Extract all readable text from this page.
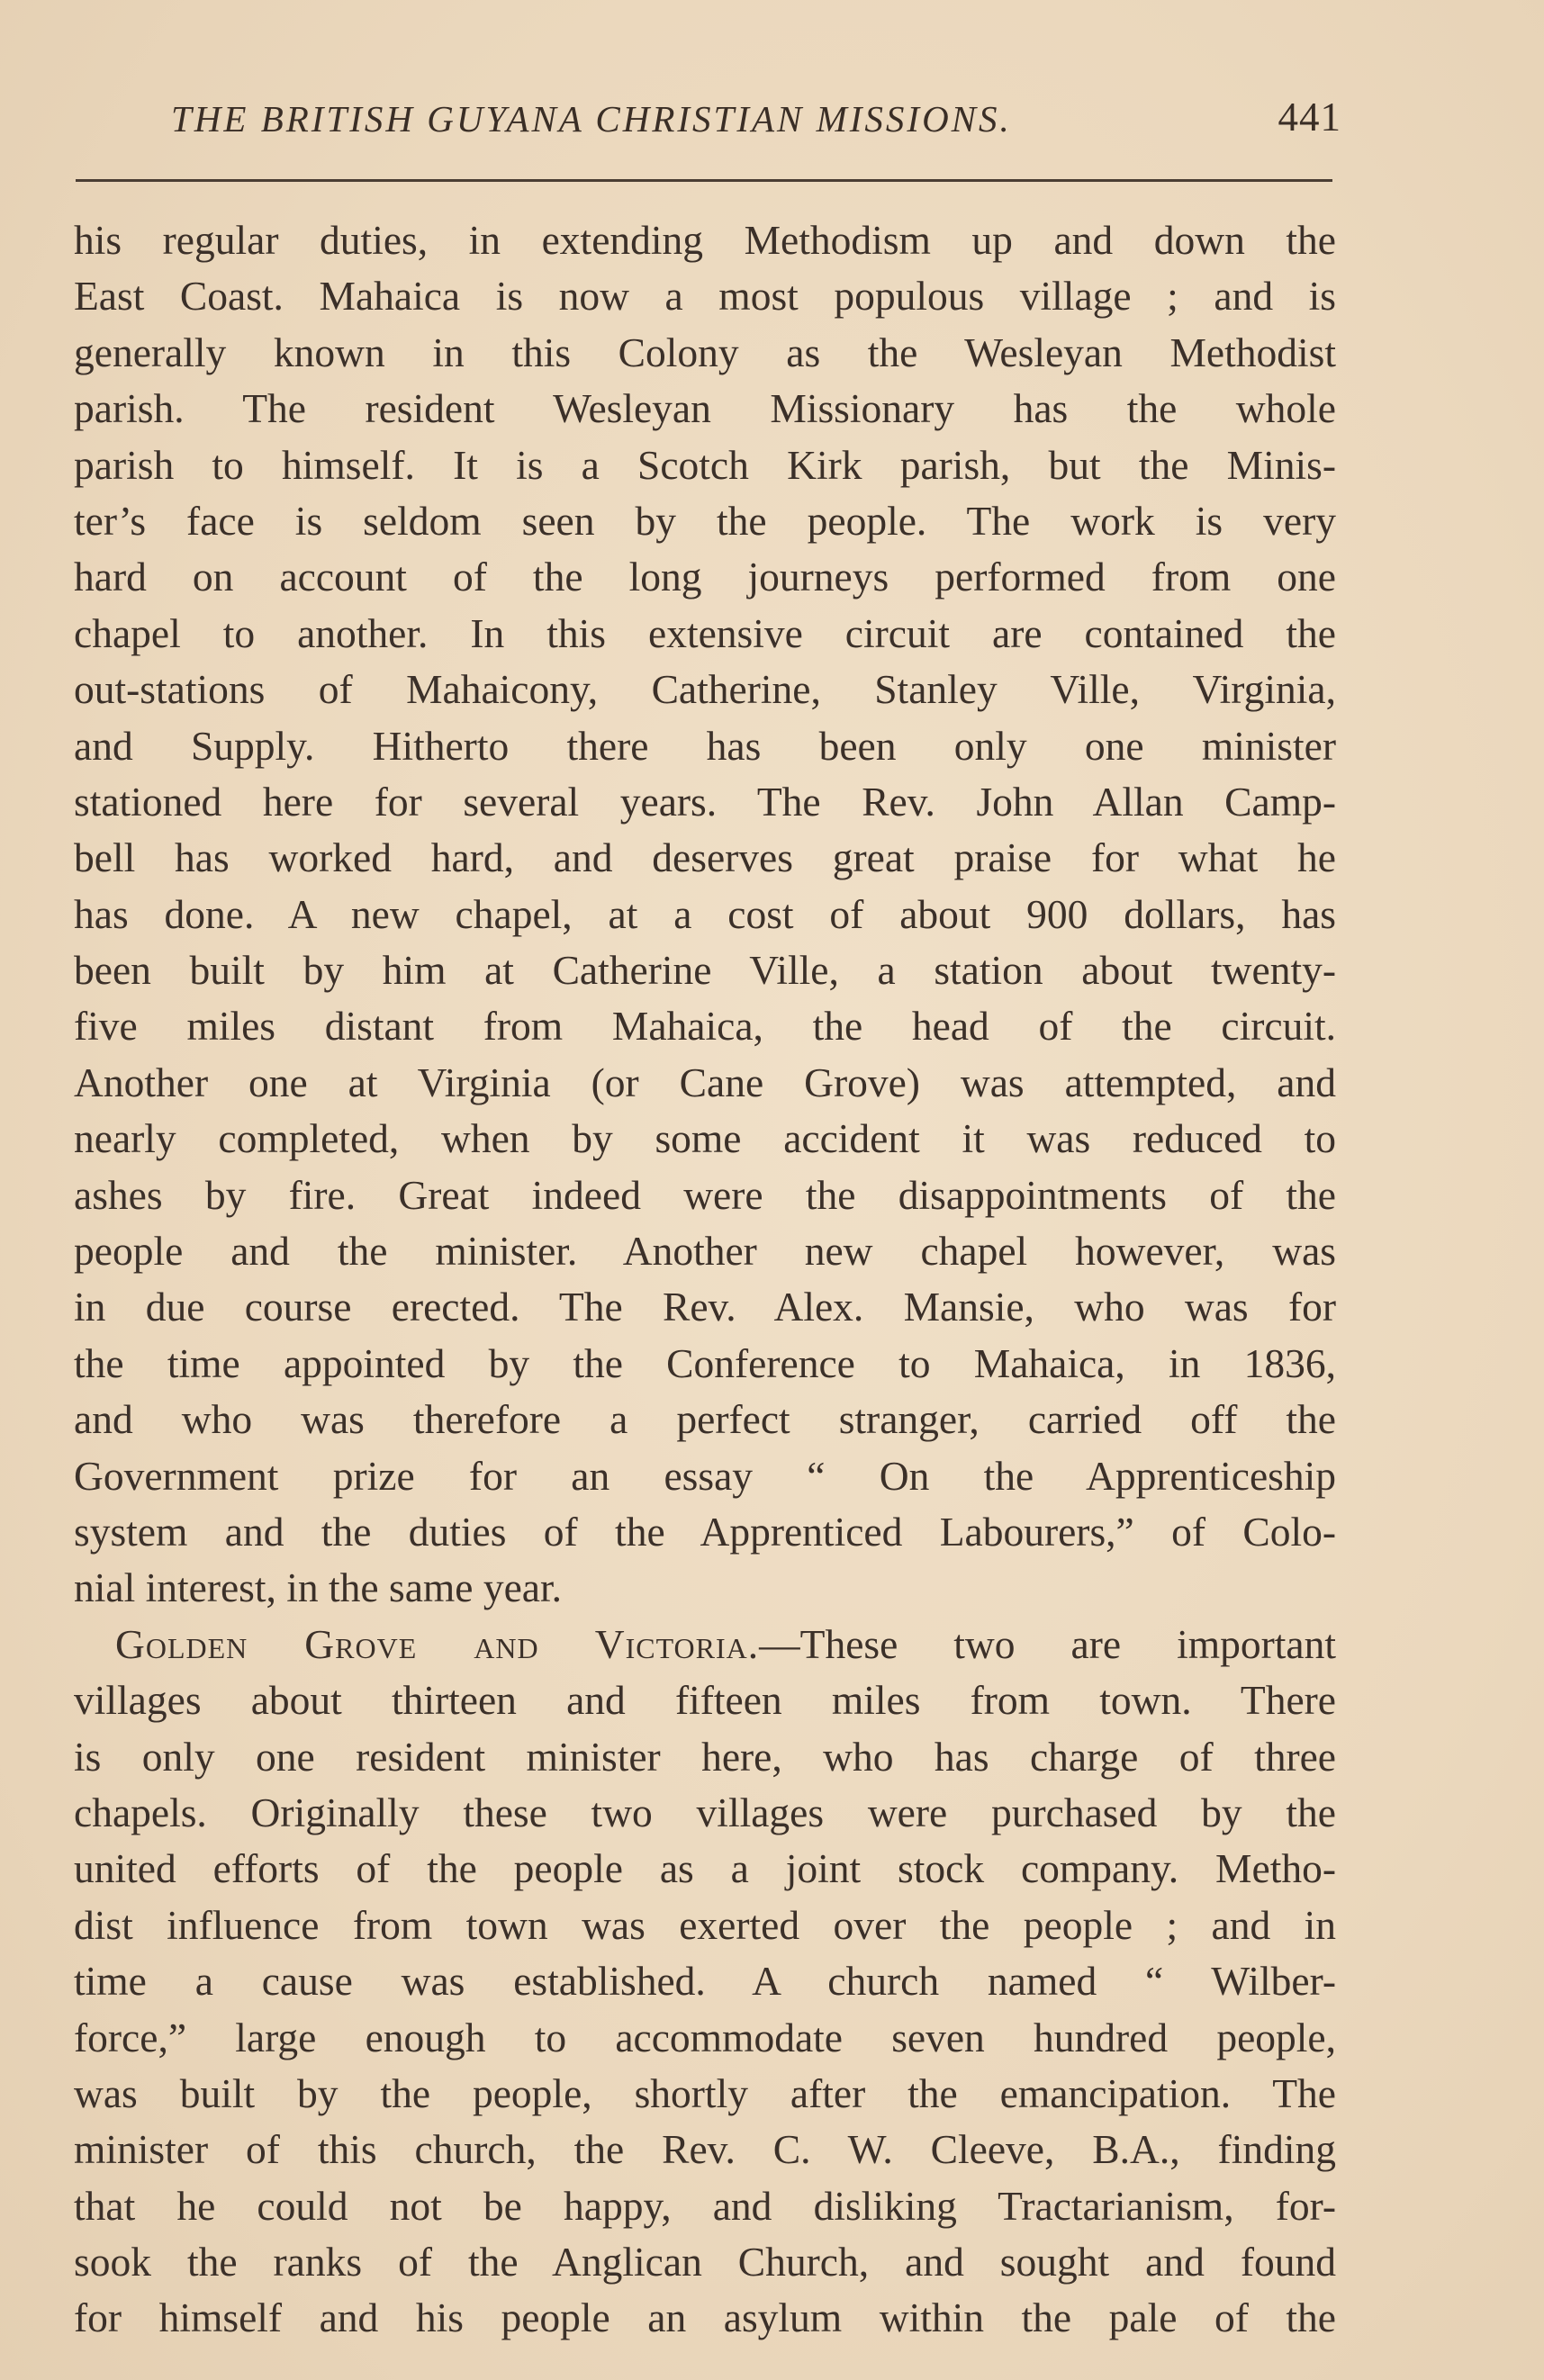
THE BRITISH GUYANA CHRISTIAN MISSIONS.	441
his regular duties, in extending Methodism up and down the
East Coast. Mahaica is now a most populous village ; and is
generally known in this Colony as the Wesleyan Methodist
parish. The resident Wesleyan Missionary has the whole
parish to himself. It is a Scotch Kirk parish, but the Minis-
ter’s face is seldom seen by the people. The work is very
hard on account of the long journeys performed from one
chapel to another. In this extensive circuit are contained the
out-stations of Mahaicony, Catherine, Stanley Ville, Virginia,
and Supply. Hitherto there has been only one minister
stationed here for several years. The Rev. John Allan Camp-
bell has worked hard, and deserves great praise for what he
has done. A new chapel, at a cost of about 900 dollars, has
been built by him at Catherine Ville, a station about twenty-
five miles distant from Mahaica, the head of the circuit.
Another one at Virginia (or Cane Grove) was attempted, and
nearly completed, when by some accident it was reduced to
ashes by fire. Great indeed were the disappointments of the
people and the minister. Another new chapel however, was
in due course erected. The Rev. Alex. Mansie, who was for
the time appointed by the Conference to Mahaica, in 1836,
and who was therefore a perfect stranger, carried off the
Government prize for an essay “ On the Apprenticeship
system and the duties of the Apprenticed Labourers,” of Colo-
nial interest, in the same year.
Golden Grove and Victoria.—These two are important
villages about thirteen and fifteen miles from town. There
is only one resident minister here, who has charge of three
chapels. Originally these two villages were purchased by the
united efforts of the people as a joint stock company. Metho-
dist influence from town was exerted over the people ; and in
time a cause was established. A church named “ Wilber-
force,” large enough to accommodate seven hundred people,
was built by the people, shortly after the emancipation. The
minister of this church, the Rev. C. W. Cleeve, B.A., finding
that he could not be happy, and disliking Tractarianism, for-
sook the ranks of the Anglican Church, and sought and found
for himself and his people an asylum within the pale of the
